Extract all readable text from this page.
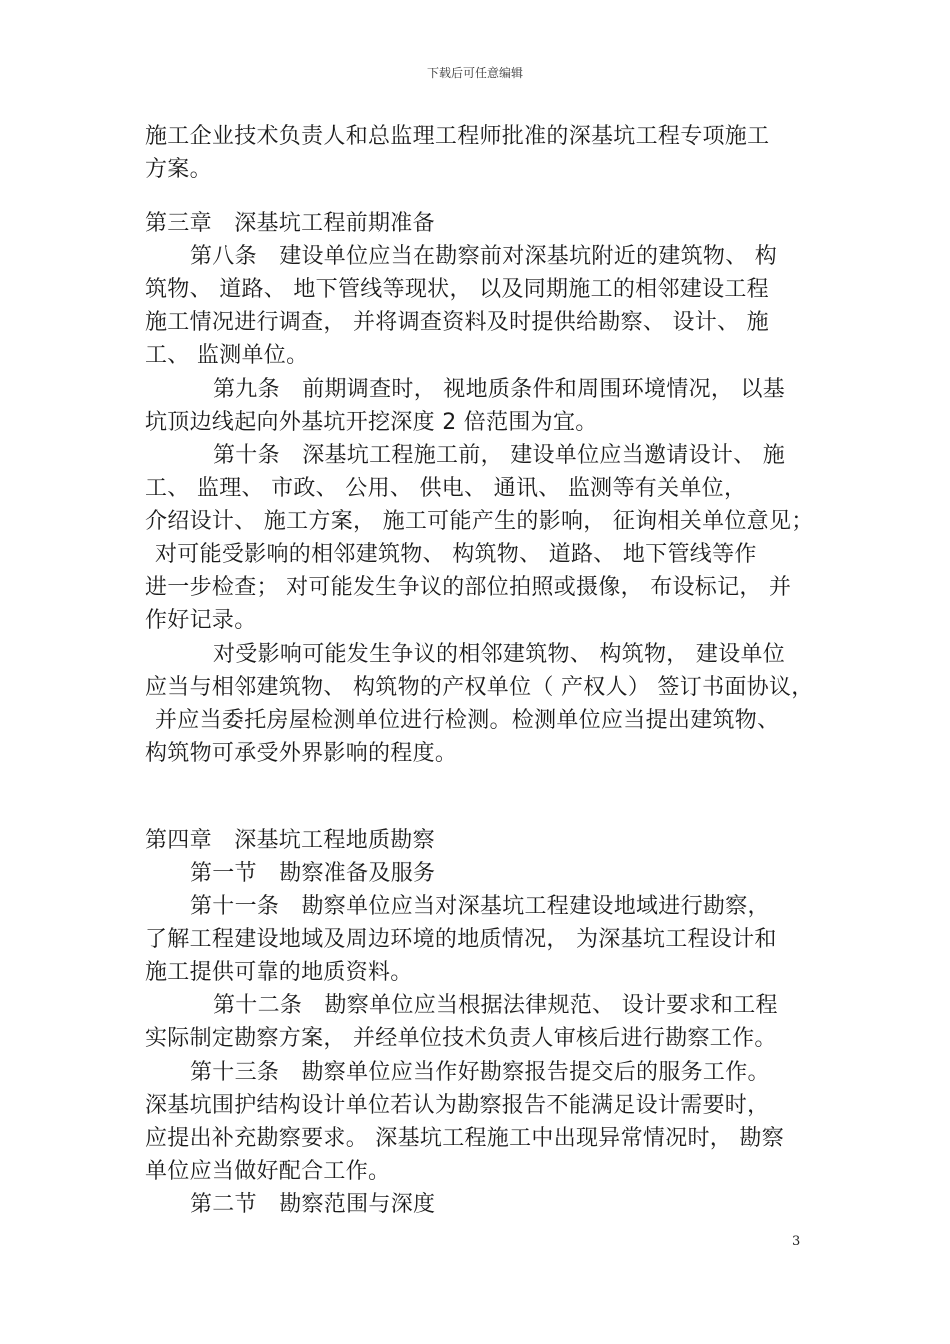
下载后可任意编辑
施工企业技术负责人和总监理工程师批准的深基坑工程专项施工
方案。
第三章　深基坑工程前期准备
第八条　建设单位应当在勘察前对深基坑附近的建筑物、 构
筑物、 道路、 地下管线等现状， 以及同期施工的相邻建设工程
施工情况进行调查， 并将调查资料及时提供给勘察、 设计、 施
工、 监测单位。
第九条　前期调查时， 视地质条件和周围环境情况， 以基
坑顶边线起向外基坑开挖深度 2 倍范围为宜。
第十条　深基坑工程施工前， 建设单位应当邀请设计、 施
工、 监理、 市政、 公用、 供电、 通讯、 监测等有关单位，
介绍设计、 施工方案， 施工可能产生的影响， 征询相关单位意见；
对可能受影响的相邻建筑物、 构筑物、 道路、 地下管线等作
进一步检查； 对可能发生争议的部位拍照或摄像， 布设标记， 并
作好记录。
对受影响可能发生争议的相邻建筑物、 构筑物， 建设单位
应当与相邻建筑物、 构筑物的产权单位（ 产权人） 签订书面协议，
并应当委托房屋检测单位进行检测。检测单位应当提出建筑物、
构筑物可承受外界影响的程度。
第四章　深基坑工程地质勘察
第一节　勘察准备及服务
第十一条　勘察单位应当对深基坑工程建设地域进行勘察，
了解工程建设地域及周边环境的地质情况， 为深基坑工程设计和
施工提供可靠的地质资料。
第十二条　勘察单位应当根据法律规范、 设计要求和工程
实际制定勘察方案， 并经单位技术负责人审核后进行勘察工作。
第十三条　勘察单位应当作好勘察报告提交后的服务工作。
深基坑围护结构设计单位若认为勘察报告不能满足设计需要时，
应提出补充勘察要求。 深基坑工程施工中出现异常情况时， 勘察
单位应当做好配合工作。
第二节　勘察范围与深度
3
